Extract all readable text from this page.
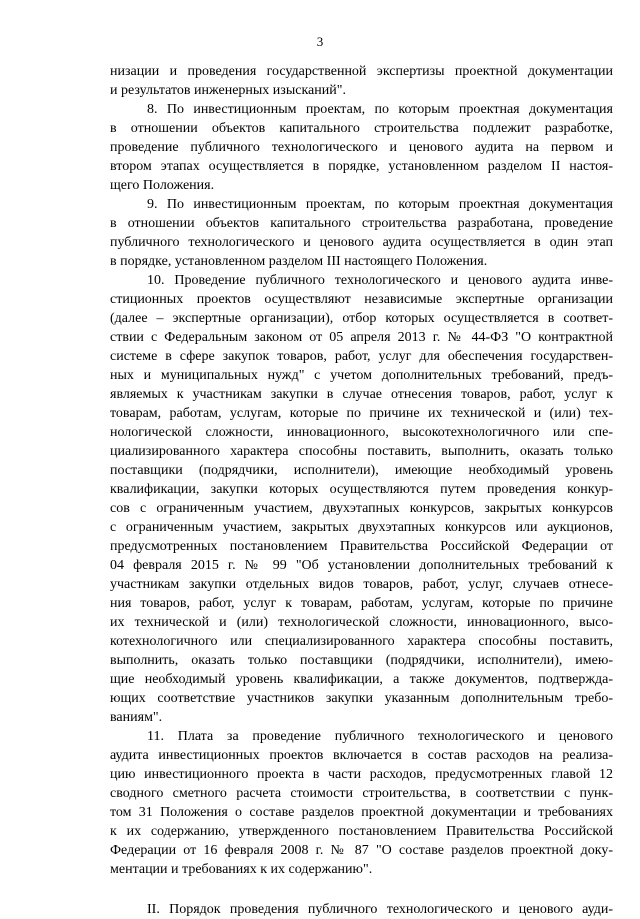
3
низации и проведения государственной экспертизы проектной документации
и результатов инженерных изысканий".
8. По инвестиционным проектам, по которым проектная документация
в отношении объектов капитального строительства подлежит разработке,
проведение публичного технологического и ценового аудита на первом и
втором этапах осуществляется в порядке, установленном разделом II настоя-
щего Положения.
9. По инвестиционным проектам, по которым проектная документация
в отношении объектов капитального строительства разработана, проведение
публичного технологического и ценового аудита осуществляется в один этап
в порядке, установленном разделом III настоящего Положения.
10. Проведение публичного технологического и ценового аудита инве-
стиционных проектов осуществляют независимые экспертные организации
(далее – экспертные организации), отбор которых осуществляется в соответ-
ствии с Федеральным законом от 05 апреля 2013 г. № 44-ФЗ "О контрактной
системе в сфере закупок товаров, работ, услуг для обеспечения государствен-
ных и муниципальных нужд" с учетом дополнительных требований, предъ-
являемых к участникам закупки в случае отнесения товаров, работ, услуг к
товарам, работам, услугам, которые по причине их технической и (или) тех-
нологической сложности, инновационного, высокотехнологичного или спе-
циализированного характера способны поставить, выполнить, оказать только
поставщики (подрядчики, исполнители), имеющие необходимый уровень
квалификации, закупки которых осуществляются путем проведения конкур-
сов с ограниченным участием, двухэтапных конкурсов, закрытых конкурсов
с ограниченным участием, закрытых двухэтапных конкурсов или аукционов,
предусмотренных постановлением Правительства Российской Федерации от
04 февраля 2015 г. № 99 "Об установлении дополнительных требований к
участникам закупки отдельных видов товаров, работ, услуг, случаев отнесе-
ния товаров, работ, услуг к товарам, работам, услугам, которые по причине
их технической и (или) технологической сложности, инновационного, высо-
котехнологичного или специализированного характера способны поставить,
выполнить, оказать только поставщики (подрядчики, исполнители), имею-
щие необходимый уровень квалификации, а также документов, подтвержда-
ющих соответствие участников закупки указанным дополнительным требо-
ваниям".
11. Плата за проведение публичного технологического и ценового
аудита инвестиционных проектов включается в состав расходов на реализа-
цию инвестиционного проекта в части расходов, предусмотренных главой 12
сводного сметного расчета стоимости строительства, в соответствии с пунк-
том 31 Положения о составе разделов проектной документации и требованиях
к их содержанию, утвержденного постановлением Правительства Российской
Федерации от 16 февраля 2008 г. № 87 "О составе разделов проектной доку-
ментации и требованиях к их содержанию".
II. Порядок проведения публичного технологического и ценового ауди-
